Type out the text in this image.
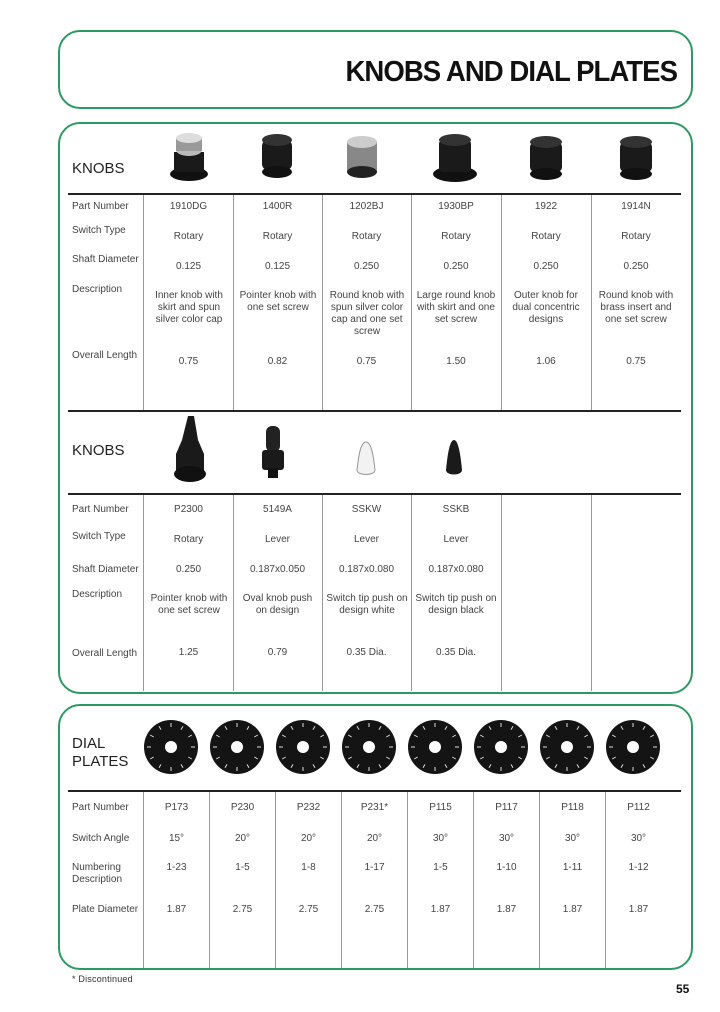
KNOBS AND DIAL PLATES
KNOBS
Part Number
Switch Type
Shaft Diameter
Description
Overall Length
1910DG
Rotary
0.125
Inner knob with skirt and spun silver color cap
0.75
1400R
Rotary
0.125
Pointer knob with one set screw
0.82
1202BJ
Rotary
0.250
Round knob with spun silver color cap and one set screw
0.75
1930BP
Rotary
0.250
Large round knob with skirt and one set screw
1.50
1922
Rotary
0.250
Outer knob for dual concentric designs
1.06
1914N
Rotary
0.250
Round knob with brass insert and one set screw
0.75
KNOBS
Part Number
Switch Type
Shaft Diameter
Description
Overall Length
P2300
Rotary
0.250
Pointer knob with one set screw
1.25
5149A
Lever
0.187x0.050
Oval knob push on design
0.79
SSKW
Lever
0.187x0.080
Switch tip push on design white
0.35 Dia.
SSKB
Lever
0.187x0.080
Switch tip push on design black
0.35 Dia.
DIAL
PLATES
Part Number
Switch Angle
Numbering Description
Plate Diameter
P173
15°
1-23
1.87
P230
20°
1-5
2.75
P232
20°
1-8
2.75
P231*
20°
1-17
2.75
P115
30°
1-5
1.87
P117
30°
1-10
1.87
P118
30°
1-11
1.87
P112
30°
1-12
1.87
* Discontinued
55
